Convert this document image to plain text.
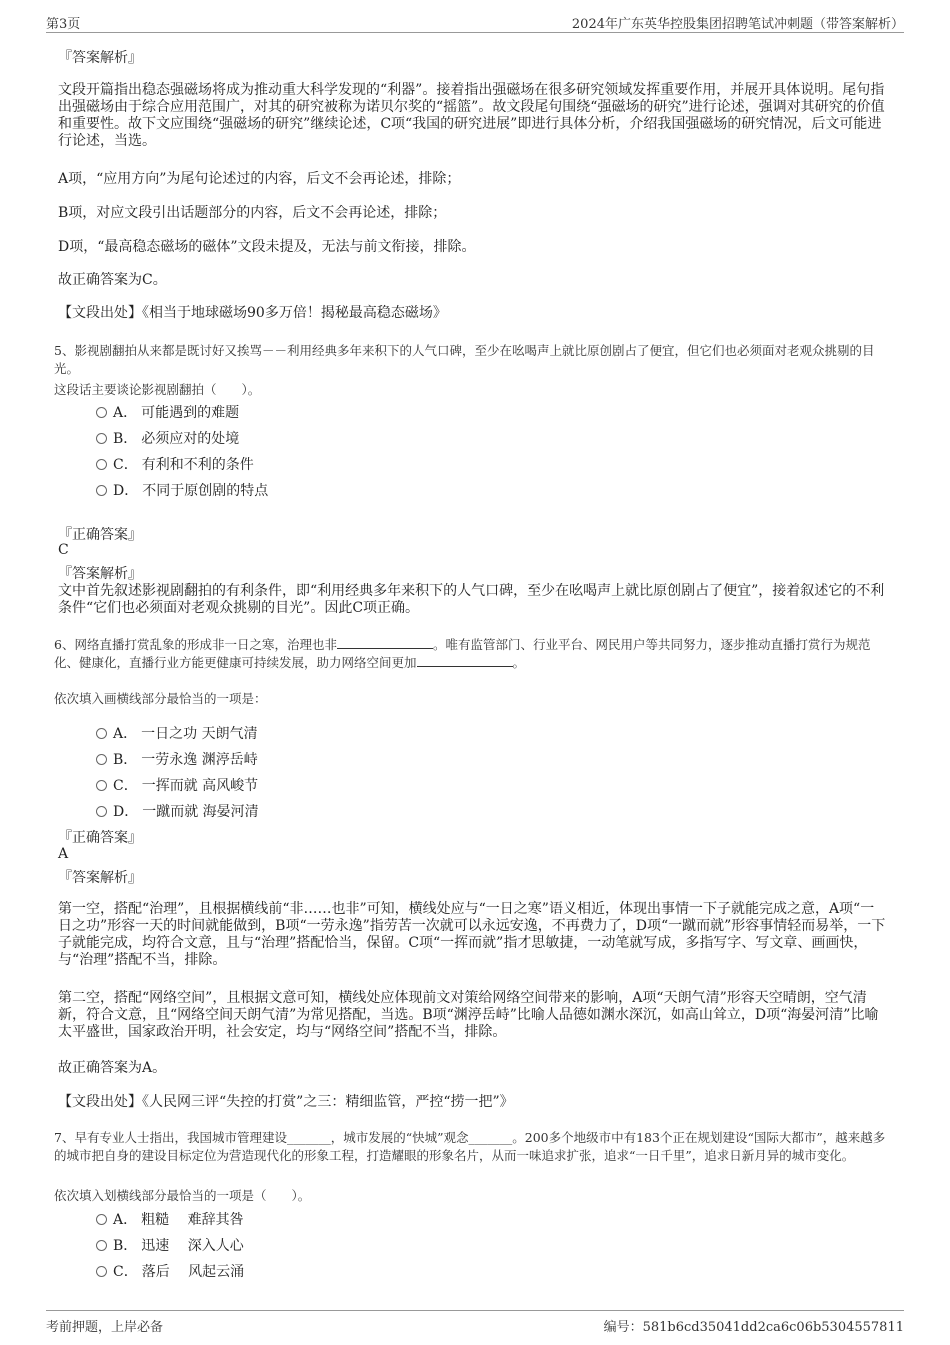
第3页	2024年广东英华控股集团招聘笔试冲刺题（带答案解析）
『答案解析』
文段开篇指出稳态强磁场将成为推动重大科学发现的“利器”。接着指出强磁场在很多研究领域发挥重要作用，并展开具体说明。尾句指出强磁场由于综合应用范围广，对其的研究被称为诺贝尔奖的“摇篮”。故文段尾句围绕“强磁场的研究”进行论述，强调对其研究的价值和重要性。故下文应围绕“强磁场的研究”继续论述，C项“我国的研究进展”即进行具体分析，介绍我国强磁场的研究情况，后文可能进行论述，当选。
A项，“应用方向”为尾句论述过的内容，后文不会再论述，排除；
B项，对应文段引出话题部分的内容，后文不会再论述，排除；
D项，“最高稳态磁场的磁体”文段未提及，无法与前文衔接，排除。
故正确答案为C。
【文段出处】《相当于地球磁场90多万倍！揭秘最高稳态磁场》
5、影视剧翻拍从来都是既讨好又挨骂－－利用经典多年来积下的人气口碑，至少在吆喝声上就比原创剧占了便宜，但它们也必须面对老观众挑剔的目光。
这段话主要谈论影视剧翻拍（　　）。
A． 可能遇到的难题
B． 必须应对的处境
C． 有利和不利的条件
D． 不同于原创剧的特点
『正确答案』
C
『答案解析』
文中首先叙述影视剧翻拍的有利条件，即“利用经典多年来积下的人气口碑，至少在吆喝声上就比原创剧占了便宜”，接着叙述它的不利条件“它们也必须面对老观众挑剔的目光”。因此C项正确。
6、网络直播打赏乱象的形成非一日之寒，治理也非	。唯有监管部门、行业平台、网民用户等共同努力，逐步推动直播打赏行为规范化、健康化，直播行业方能更健康可持续发展，助力网络空间更加	。
依次填入画横线部分最恰当的一项是：
A． 一日之功 天朗气清
B． 一劳永逸 渊渟岳峙
C． 一挥而就 高风峻节
D． 一蹴而就 海晏河清
『正确答案』
A
『答案解析』
第一空，搭配“治理”，且根据横线前“非……也非”可知，横线处应与“一日之寒”语义相近，体现出事情一下子就能完成之意，A项“一日之功”形容一天的时间就能做到，B项“一劳永逸”指劳苦一次就可以永远安逸，不再费力了，D项“一蹴而就”形容事情轻而易举，一下子就能完成，均符合文意，且与“治理”搭配恰当，保留。C项“一挥而就”指才思敏捷，一动笔就写成，多指写字、写文章、画画快，与“治理”搭配不当，排除。
第二空，搭配“网络空间”，且根据文意可知，横线处应体现前文对策给网络空间带来的影响，A项“天朗气清”形容天空晴朗，空气清新，符合文意，且“网络空间天朗气清”为常见搭配，当选。B项“渊渟岳峙”比喻人品德如渊水深沉，如高山耸立，D项“海晏河清”比喻太平盛世，国家政治开明，社会安定，均与“网络空间”搭配不当，排除。
故正确答案为A。
【文段出处】《人民网三评“失控的打赏”之三：精细监管，严控“捞一把”》
7、早有专业人士指出，我国城市管理建设_______，城市发展的“快城”观念_______。200多个地级市中有183个正在规划建设“国际大都市”，越来越多的城市把自身的建设目标定位为营造现代化的形象工程，打造耀眼的形象名片，从而一味追求扩张，追求“一日千里”，追求日新月异的城市变化。
依次填入划横线部分最恰当的一项是（　　）。
A． 粗糙　 难辞其咎
B． 迅速　 深入人心
C． 落后　 风起云涌
考前押题，上岸必备	编号：581b6cd35041dd2ca6c06b5304557811
